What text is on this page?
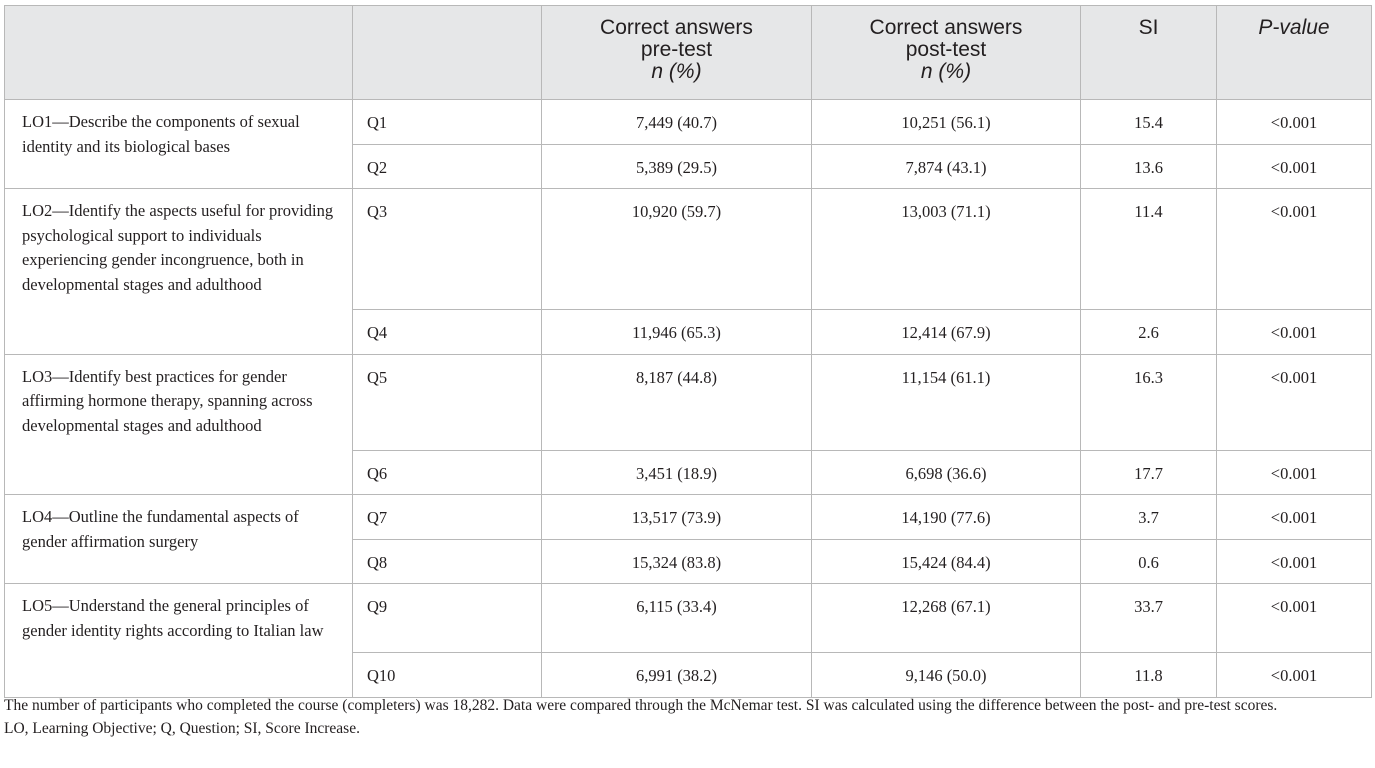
		Correct answers
pre-test
n (%)	Correct answers
post-test
n (%)	SI	P-value

LO1—Describe the components of sexual identity and its biological bases	Q1	7,449 (40.7)	10,251 (56.1)	15.4	<0.001
	Q2	5,389 (29.5)	7,874 (43.1)	13.6	<0.001
LO2—Identify the aspects useful for providing psychological support to individuals experiencing gender incongruence, both in developmental stages and adulthood	Q3	10,920 (59.7)	13,003 (71.1)	11.4	<0.001
	Q4	11,946 (65.3)	12,414 (67.9)	2.6	<0.001
LO3—Identify best practices for gender affirming hormone therapy, spanning across developmental stages and adulthood	Q5	8,187 (44.8)	11,154 (61.1)	16.3	<0.001
	Q6	3,451 (18.9)	6,698 (36.6)	17.7	<0.001
LO4—Outline the fundamental aspects of gender affirmation surgery	Q7	13,517 (73.9)	14,190 (77.6)	3.7	<0.001
	Q8	15,324 (83.8)	15,424 (84.4)	0.6	<0.001
LO5—Understand the general principles of gender identity rights according to Italian law	Q9	6,115 (33.4)	12,268 (67.1)	33.7	<0.001
	Q10	6,991 (38.2)	9,146 (50.0)	11.8	<0.001

The number of participants who completed the course (completers) was 18,282. Data were compared through the McNemar test. SI was calculated using the difference between the post- and pre-test scores.

LO, Learning Objective; Q, Question; SI, Score Increase.
